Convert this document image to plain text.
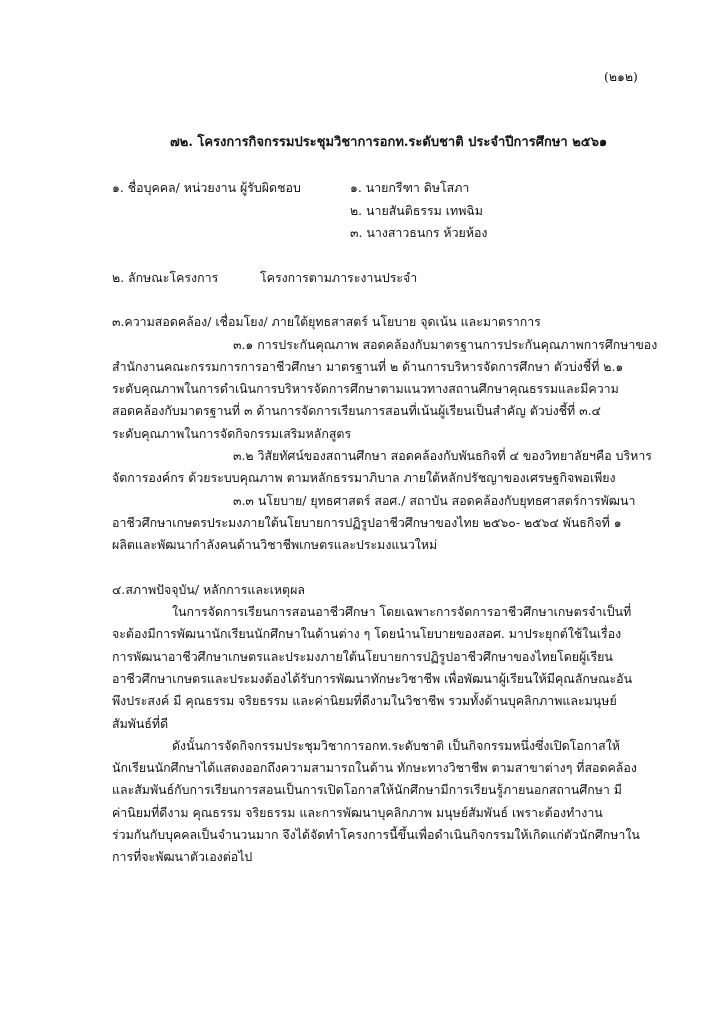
(๒๑๒)
๗๒. โครงการกิจกรรมประชุมวิชาการอกท.ระดับชาติ ประจำปีการศึกษา ๒๕๖๑
๑. ชื่อบุคคล/ หน่วยงาน ผู้รับผิดชอบ	๑. นายกรีฑา ดิษโสภา
๒. นายสันติธรรม เทพฉิม
๓. นางสาวธนกร ห้วยห้อง
๒. ลักษณะโครงการ	โครงการตามภาระงานประจำ
๓.ความสอดคล้อง/ เชื่อมโยง/ ภายใต้ยุทธสาสตร์ นโยบาย จุดเน้น และมาตราการ
๓.๑ การประกันคุณภาพ สอดคล้องกับมาตรฐานการประกันคุณภาพการศึกษาของ
สำนักงานคณะกรรมการการอาชีวศึกษา มาตรฐานที่ ๒ ด้านการบริหารจัดการศึกษา ตัวบ่งชี้ที่ ๒.๑
ระดับคุณภาพในการดำเนินการบริหารจัดการศึกษาตามแนวทางสถานศึกษาคุณธรรมและมีความ
สอดคล้องกับมาตรฐานที่ ๓ ด้านการจัดการเรียนการสอนที่เน้นผู้เรียนเป็นสำคัญ ตัวบ่งชี้ที่ ๓.๔
ระดับคุณภาพในการจัดกิจกรรมเสริมหลักสูตร
๓.๒ วิสัยทัศน์ของสถานศึกษา สอดคล้องกับพันธกิจที่ ๔ ของวิทยาลัยฯคือ บริหาร
จัดการองค์กร ด้วยระบบคุณภาพ ตามหลักธรรมาภิบาล ภายใต้หลักปรัชญาของเศรษฐกิจพอเพียง
๓.๓ นโยบาย/ ยุทธศาสตร์ สอศ./ สถาบัน สอดคล้องกับยุทธศาสตร์การพัฒนา
อาชีวศึกษาเกษตรประมงภายใต้นโยบายการปฏิรูปอาชีวศึกษาของไทย ๒๕๖๐- ๒๕๖๔ พันธกิจที่ ๑
ผลิตและพัฒนากำลังคนด้านวิชาชีพเกษตรและประมงแนวใหม่
๔.สภาพปัจจุบัน/ หลักการและเหตุผล
ในการจัดการเรียนการสอนอาชีวศึกษา โดยเฉพาะการจัดการอาชีวศึกษาเกษตรจำเป็นที่
จะต้องมีการพัฒนานักเรียนนักศึกษาในด้านต่าง ๆ โดยนำนโยบายของสอศ. มาประยุกต์ใช้ในเรื่อง
การพัฒนาอาชีวศึกษาเกษตรและประมงภายใต้นโยบายการปฏิรูปอาชีวศึกษาของไทยโดยผู้เรียน
อาชีวศึกษาเกษตรและประมงต้องได้รับการพัฒนาทักษะวิชาชีพ เพื่อพัฒนาผู้เรียนให้มีคุณลักษณะอัน
พึงประสงค์ มี คุณธรรม จริยธรรม และค่านิยมที่ดีงามในวิชาชีพ รวมทั้งด้านบุคลิกภาพและมนุษย์
สัมพันธ์ที่ดี
ดังนั้นการจัดกิจกรรมประชุมวิชาการอกท.ระดับชาติ เป็นกิจกรรมหนึ่งซึ่งเปิดโอกาสให้
นักเรียนนักศึกษาได้แสดงออกถึงความสามารถในด้าน ทักษะทางวิชาชีพ ตามสาขาต่างๆ ที่สอดคล้อง
และสัมพันธ์กับการเรียนการสอนเป็นการเปิดโอกาสให้นักศึกษามีการเรียนรู้ภายนอกสถานศึกษา มี
ค่านิยมที่ดีงาม คุณธรรม จริยธรรม และการพัฒนาบุคลิกภาพ มนุษย์สัมพันธ์ เพราะต้องทำงาน
ร่วมกันกับบุคคลเป็นจำนวนมาก จึงได้จัดทำโครงการนี้ขึ้นเพื่อดำเนินกิจกรรมให้เกิดแก่ตัวนักศึกษาใน
การที่จะพัฒนาตัวเองต่อไป
